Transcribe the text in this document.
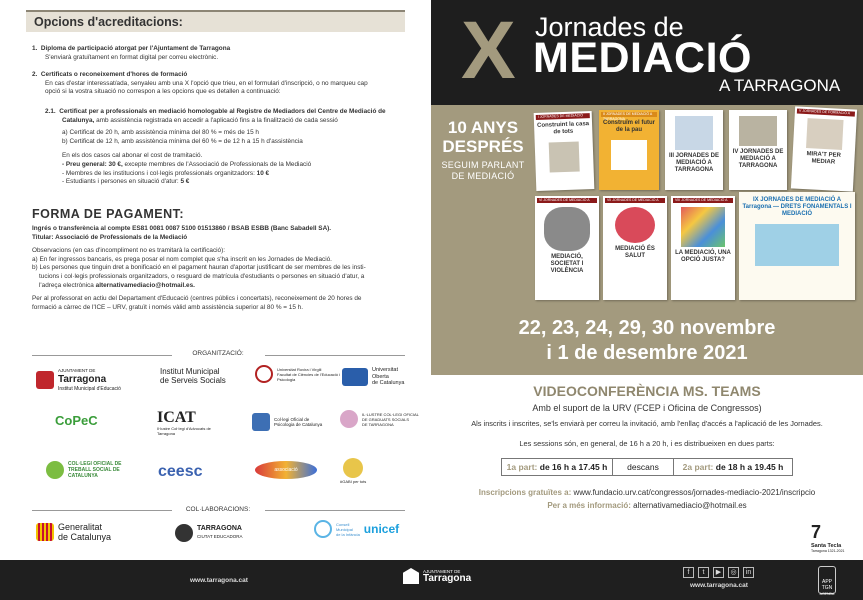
Opcions d'acreditacions:
1. Diploma de participació atorgat per l'Ajuntament de Tarragona
S'enviarà gratuïtament en format digital per correu electrònic.
2. Certificats o reconeixement d'hores de formació
En cas d'estar interessat/ada, senyaleu amb una X l'opció que trieu, en el formulari d'inscripció, o no marqueu cap
opció si la vostra situació no correspon a les opcions que es detallen a continuació:
2.1. Certificat per a professionals en mediació homologable al Registre de Mediadors del Centre de Mediació de
Catalunya, amb assistència registrada en accedir a l'aplicació fins a la finalització de cada sessió
a) Certificat de 20 h, amb assistència mínima del 80 % = més de 15 h
b) Certificat de 12 h, amb assistència mínima del 60 % = de 12 h a 15 h d'assistència
En els dos casos cal abonar el cost de tramitació.
- Preu general: 30 €, excepte membres de l'Associació de Professionals de la Mediació
- Membres de les institucions i col·legis professionals organitzadors: 10 €
- Estudiants i persones en situació d'atur: 5 €
FORMA DE PAGAMENT:
Ingrés o transferència al compte ES81 0081 0087 5100 01513860 / BSAB ESBB (Banc Sabadell SA).
Titular: Associació de Professionals de la Mediació
Observacions (en cas d'incompliment no es tramitarà la certificació):
a) En fer ingressos bancaris, es prega posar el nom complet que s'ha inscrit en les Jornades de Mediació.
b) Les persones que tinguin dret a bonificació en el pagament hauran d'aportar justificant de ser membres de les insti-
tucions i col·legis professionals organitzadors, o resguard de matrícula d'estudiants o persones en situació d'atur, a
l'adreça electrònica alternativamediacio@hotmail.es.
Per al professorat en actiu del Departament d'Educació (centres públics i concertats), reconeixement de 20 hores de
formació a càrrec de l'ICE – URV, gratuït i només vàlid amb assistència superior al 80 % = 15 h.
ORGANITZACIÓ:
AJUNTAMENT DE
Tarragona
Institut Municipal d'Educació
Institut Municipal
de Serveis Socials
Universitat Rovira i Virgili
Facultat de Ciències de l'Educació i Psicologia
Universitat
Oberta
de Catalunya
CoPeC	ICAT
Il·lustre Col·legi d'Advocats de Tarragona
Col·legi Oficial de
Psicologia de Catalunya
IL·LUSTRE COL·LEGI OFICIAL
DE GRADUATS SOCIALS
DE TARRAGONA
COL·LEGI OFICIAL DE
TREBALL SOCIAL DE
CATALUNYA	ceesc	associació
#GABI per tots
COL·LABORACIONS:
Generalitat
de Catalunya
TARRAGONA
CIUTAT EDUCADORA
Consell
Municipal
de la Infància unicef
X Jornades de
MEDIACIÓ
A TARRAGONA
10 ANYS
DESPRÉS
SEGUIM PARLANT
DE MEDIACIÓ
I JORNADES DE MEDIACIÓ
Construint la casa de tots
II JORNADES DE MEDIACIÓ A TARRAGONA
Construïm el futur de la pau
III JORNADES DE MEDIACIÓ A TARRAGONA
IV JORNADES DE MEDIACIÓ A TARRAGONA
V JORNADES DE FORMACIÓ A TARRAGONA
MIRA'T PER MEDIAR
VI JORNADES DE MEDIACIÓ A TARRAGONA
MEDIACIÓ, SOCIETAT I VIOLÈNCIA
VII JORNADES DE MEDIACIÓ A TARRAGONA
MEDIACIÓ ÉS SALUT
VIII JORNADES DE MEDIACIÓ A Tarragona
LA MEDIACIÓ, UNA OPCIÓ JUSTA?
IX JORNADES DE MEDIACIÓ A Tarragona — DRETS FONAMENTALS I MEDIACIÓ
22, 23, 24, 29, 30 novembre
i 1 de desembre 2021
VIDEOCONFERÈNCIA MS. TEAMS
Amb el suport de la URV (FCEP i Oficina de Congressos)
Als inscrits i inscrites, se'ls enviarà per correu la invitació, amb l'enllaç d'accés a l'aplicació de les Jornades.
Les sessions són, en general, de 16 h a 20 h, i es distribueixen en dues parts:
1a part: de 16 h a 17.45 h	descans	2a part: de 18 h a 19.45 h
Inscripcions gratuïtes a: www.fundacio.urv.cat/congressos/jornades-mediacio-2021/inscripcio
Per a més informació: alternativamediacio@hotmail.es
7
Santa Tecla
Tarragona 1321-2021
www.tarragona.cat
AJUNTAMENT DE
Tarragona	f	t	▶	◎	in
www.tarragona.cat	APP
TGN
AGENDA
